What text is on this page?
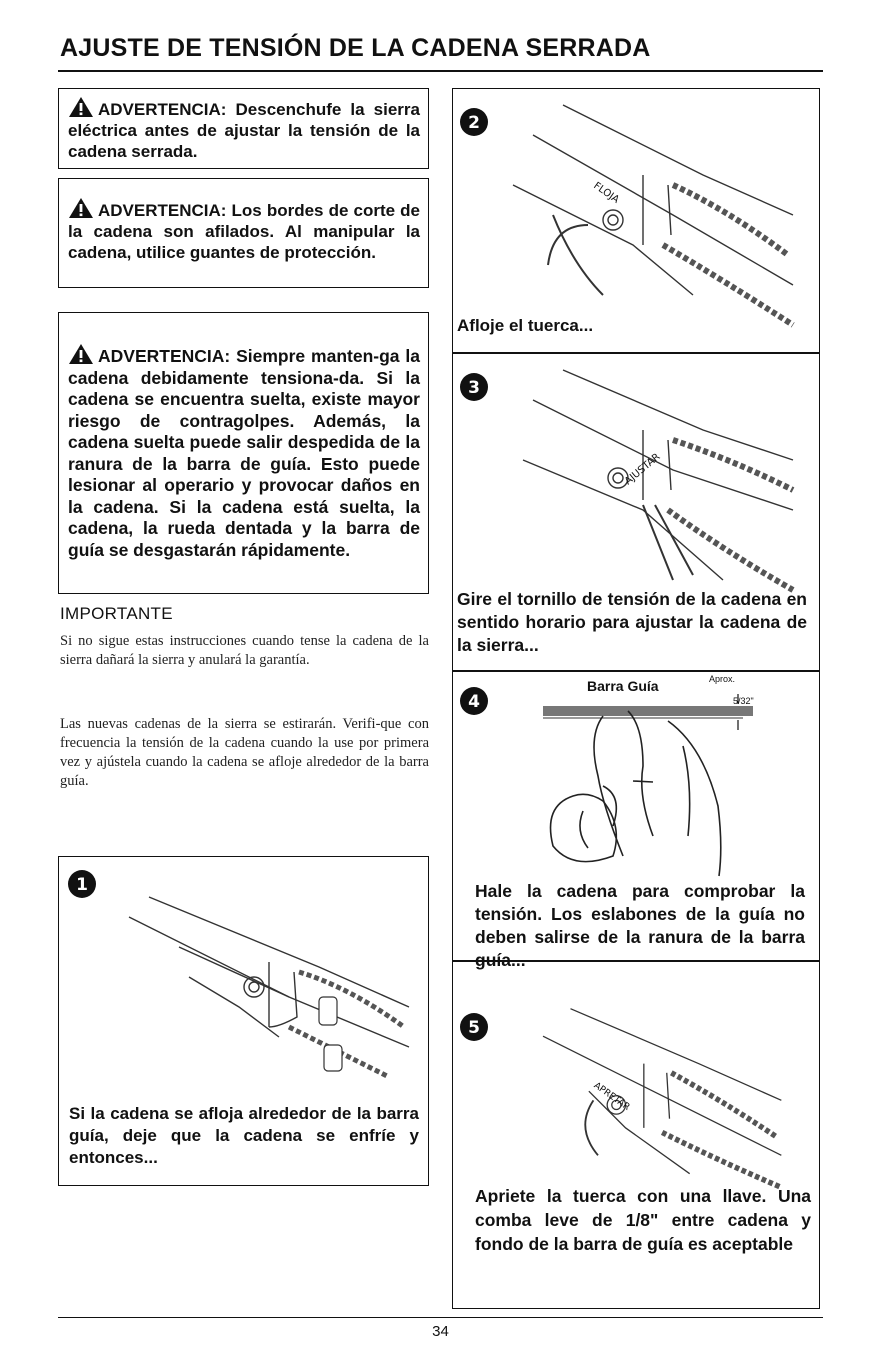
AJUSTE DE TENSIÓN DE LA CADENA SERRADA
ADVERTENCIA: Descenchufe la sierra eléctrica antes de ajustar la tensión de la cadena serrada.
ADVERTENCIA: Los bordes de corte de la cadena son afilados. Al manipular la cadena, utilice guantes de protección.
ADVERTENCIA: Siempre manten-ga la cadena debidamente tensiona-da. Si la cadena se encuentra suelta, existe mayor riesgo de contragolpes. Además, la cadena suelta puede salir despedida de la ranura de la barra de guía. Esto puede lesionar al operario y provocar daños en la cadena. Si la cadena está suelta, la cadena, la rueda dentada y la barra de guía se desgastarán rápidamente.
IMPORTANTE
Si no sigue estas instrucciones cuando tense la cadena de la sierra dañará la sierra y anulará la garantía.
Las nuevas cadenas de la sierra se estirarán. Verifi-que con frecuencia la tensión de la cadena cuando la use por primera vez y ajústela cuando la cadena se afloje alrededor de la barra guía.
1
Si la cadena se afloja alrededor de la barra guía, deje que la cadena se enfríe y entonces...
2
FLOJA
Afloje el tuerca...
3
AJUSTAR
Gire el tornillo de tensión de la cadena en sentido horario para ajustar la cadena de la sierra...
4
Barra Guía	Aprox.
5/32"
Hale la cadena para comprobar la tensión. Los eslabones de la guía no deben salirse de la ranura de la barra guía...
5
APRETAR
Apriete la tuerca con una llave. Una comba leve de 1/8" entre cadena y fondo de la barra de guía es aceptable
34
